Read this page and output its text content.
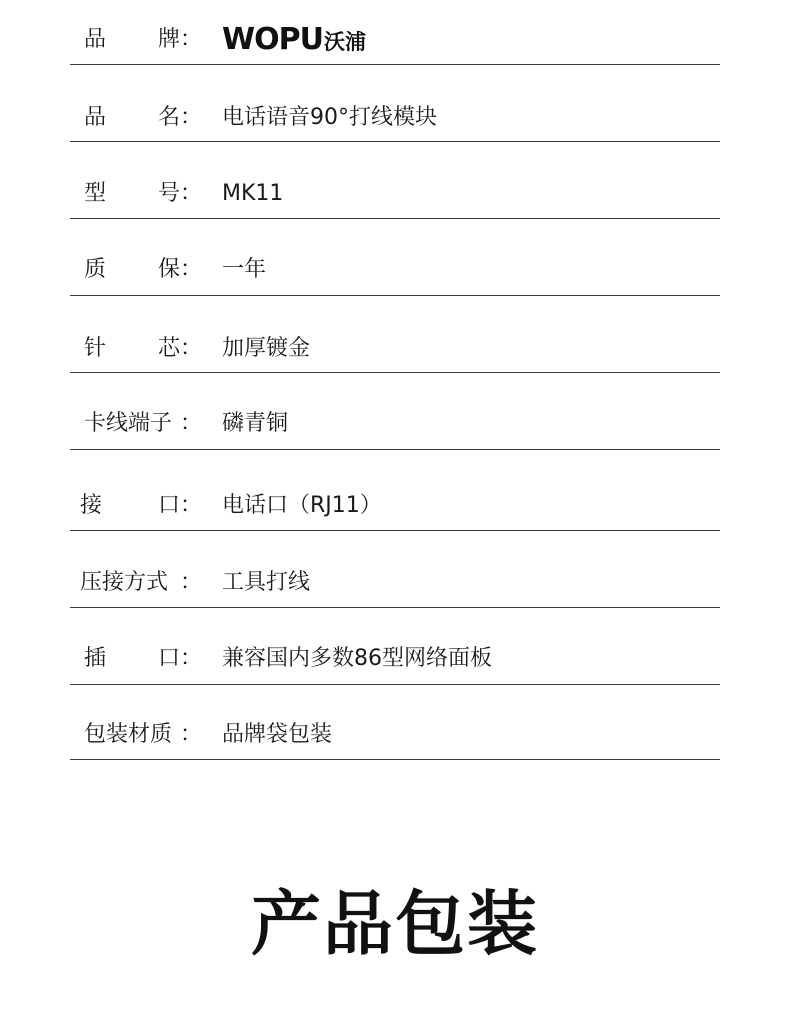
品 牌 ： WOPU 沃浦
品 名 ： 电话语音90°打线模块
型 号 ： MK11
质 保 ： 一年
针 芯 ： 加厚镀金
卡线端子 ： 磷青铜
接	口 ： 电话口（RJ11）
压接方式 ： 工具打线
插 口 ： 兼容国内多数86型网络面板
包装材质 ： 品牌袋包装
产品包装
